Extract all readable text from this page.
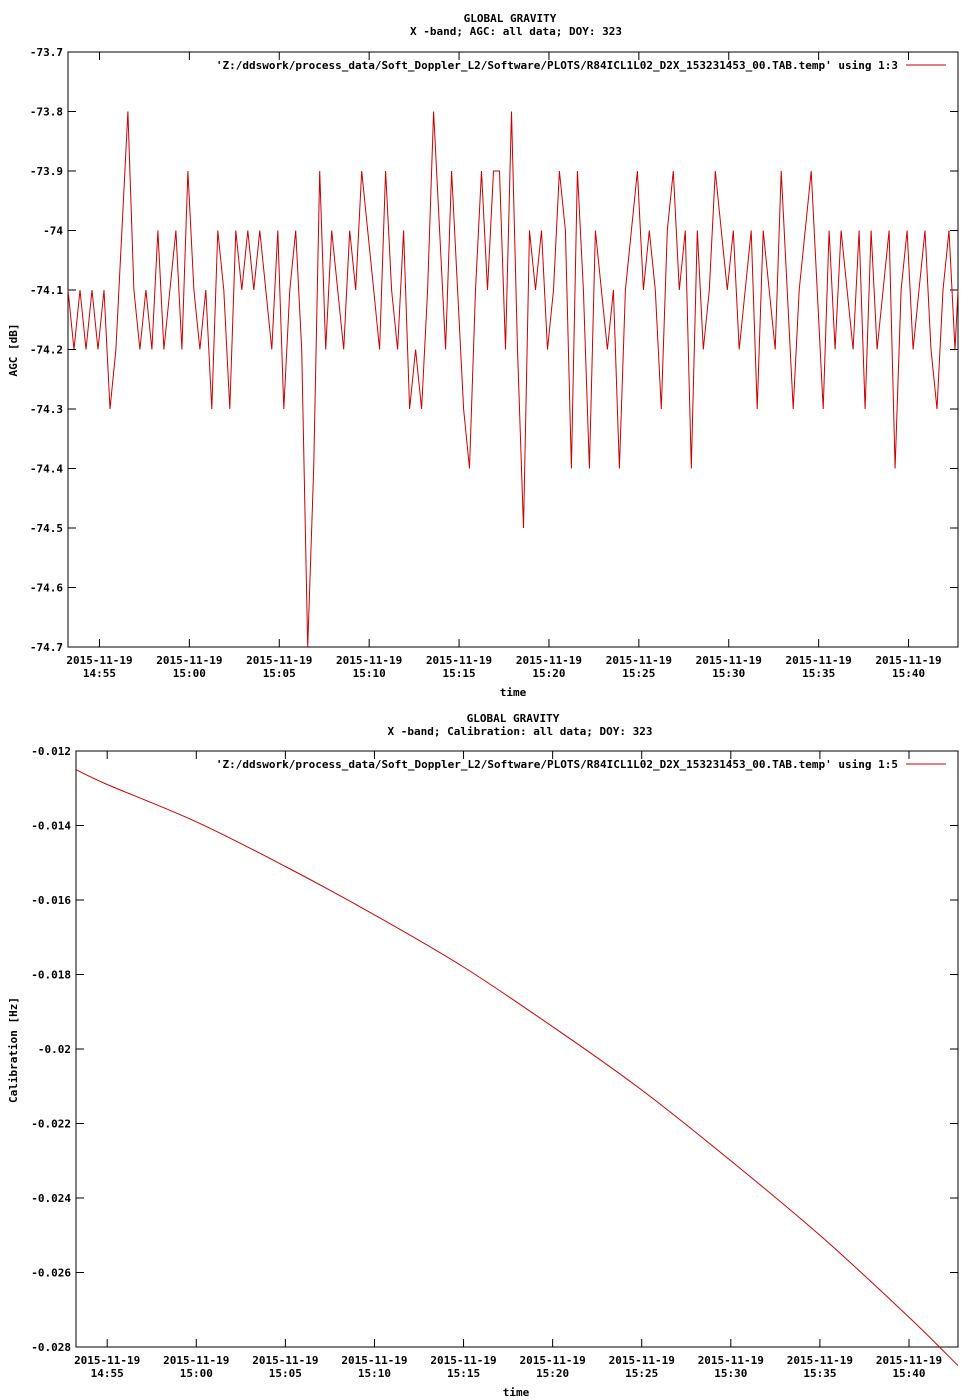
GLOBAL GRAVITY
X -band; AGC: all data; DOY: 323
-73.7
-73.8
-73.9
-74
-74.1
-74.2
-74.3
-74.4
-74.5
-74.6
-74.7
2015-11-19
14:55
2015-11-19
15:00
2015-11-19
15:05
2015-11-19
15:10
2015-11-19
15:15
2015-11-19
15:20
2015-11-19
15:25
2015-11-19
15:30
2015-11-19
15:35
2015-11-19
15:40
'Z:/ddswork/process_data/Soft_Doppler_L2/Software/PLOTS/R84ICL1L02_D2X_153231453_00.TAB.temp' using 1:3
time
AGC [dB]
GLOBAL GRAVITY
X -band; Calibration: all data; DOY: 323
-0.012
-0.014
-0.016
-0.018
-0.02
-0.022
-0.024
-0.026
-0.028
2015-11-19
14:55
2015-11-19
15:00
2015-11-19
15:05
2015-11-19
15:10
2015-11-19
15:15
2015-11-19
15:20
2015-11-19
15:25
2015-11-19
15:30
2015-11-19
15:35
2015-11-19
15:40
'Z:/ddswork/process_data/Soft_Doppler_L2/Software/PLOTS/R84ICL1L02_D2X_153231453_00.TAB.temp' using 1:5
time
Calibration [Hz]
